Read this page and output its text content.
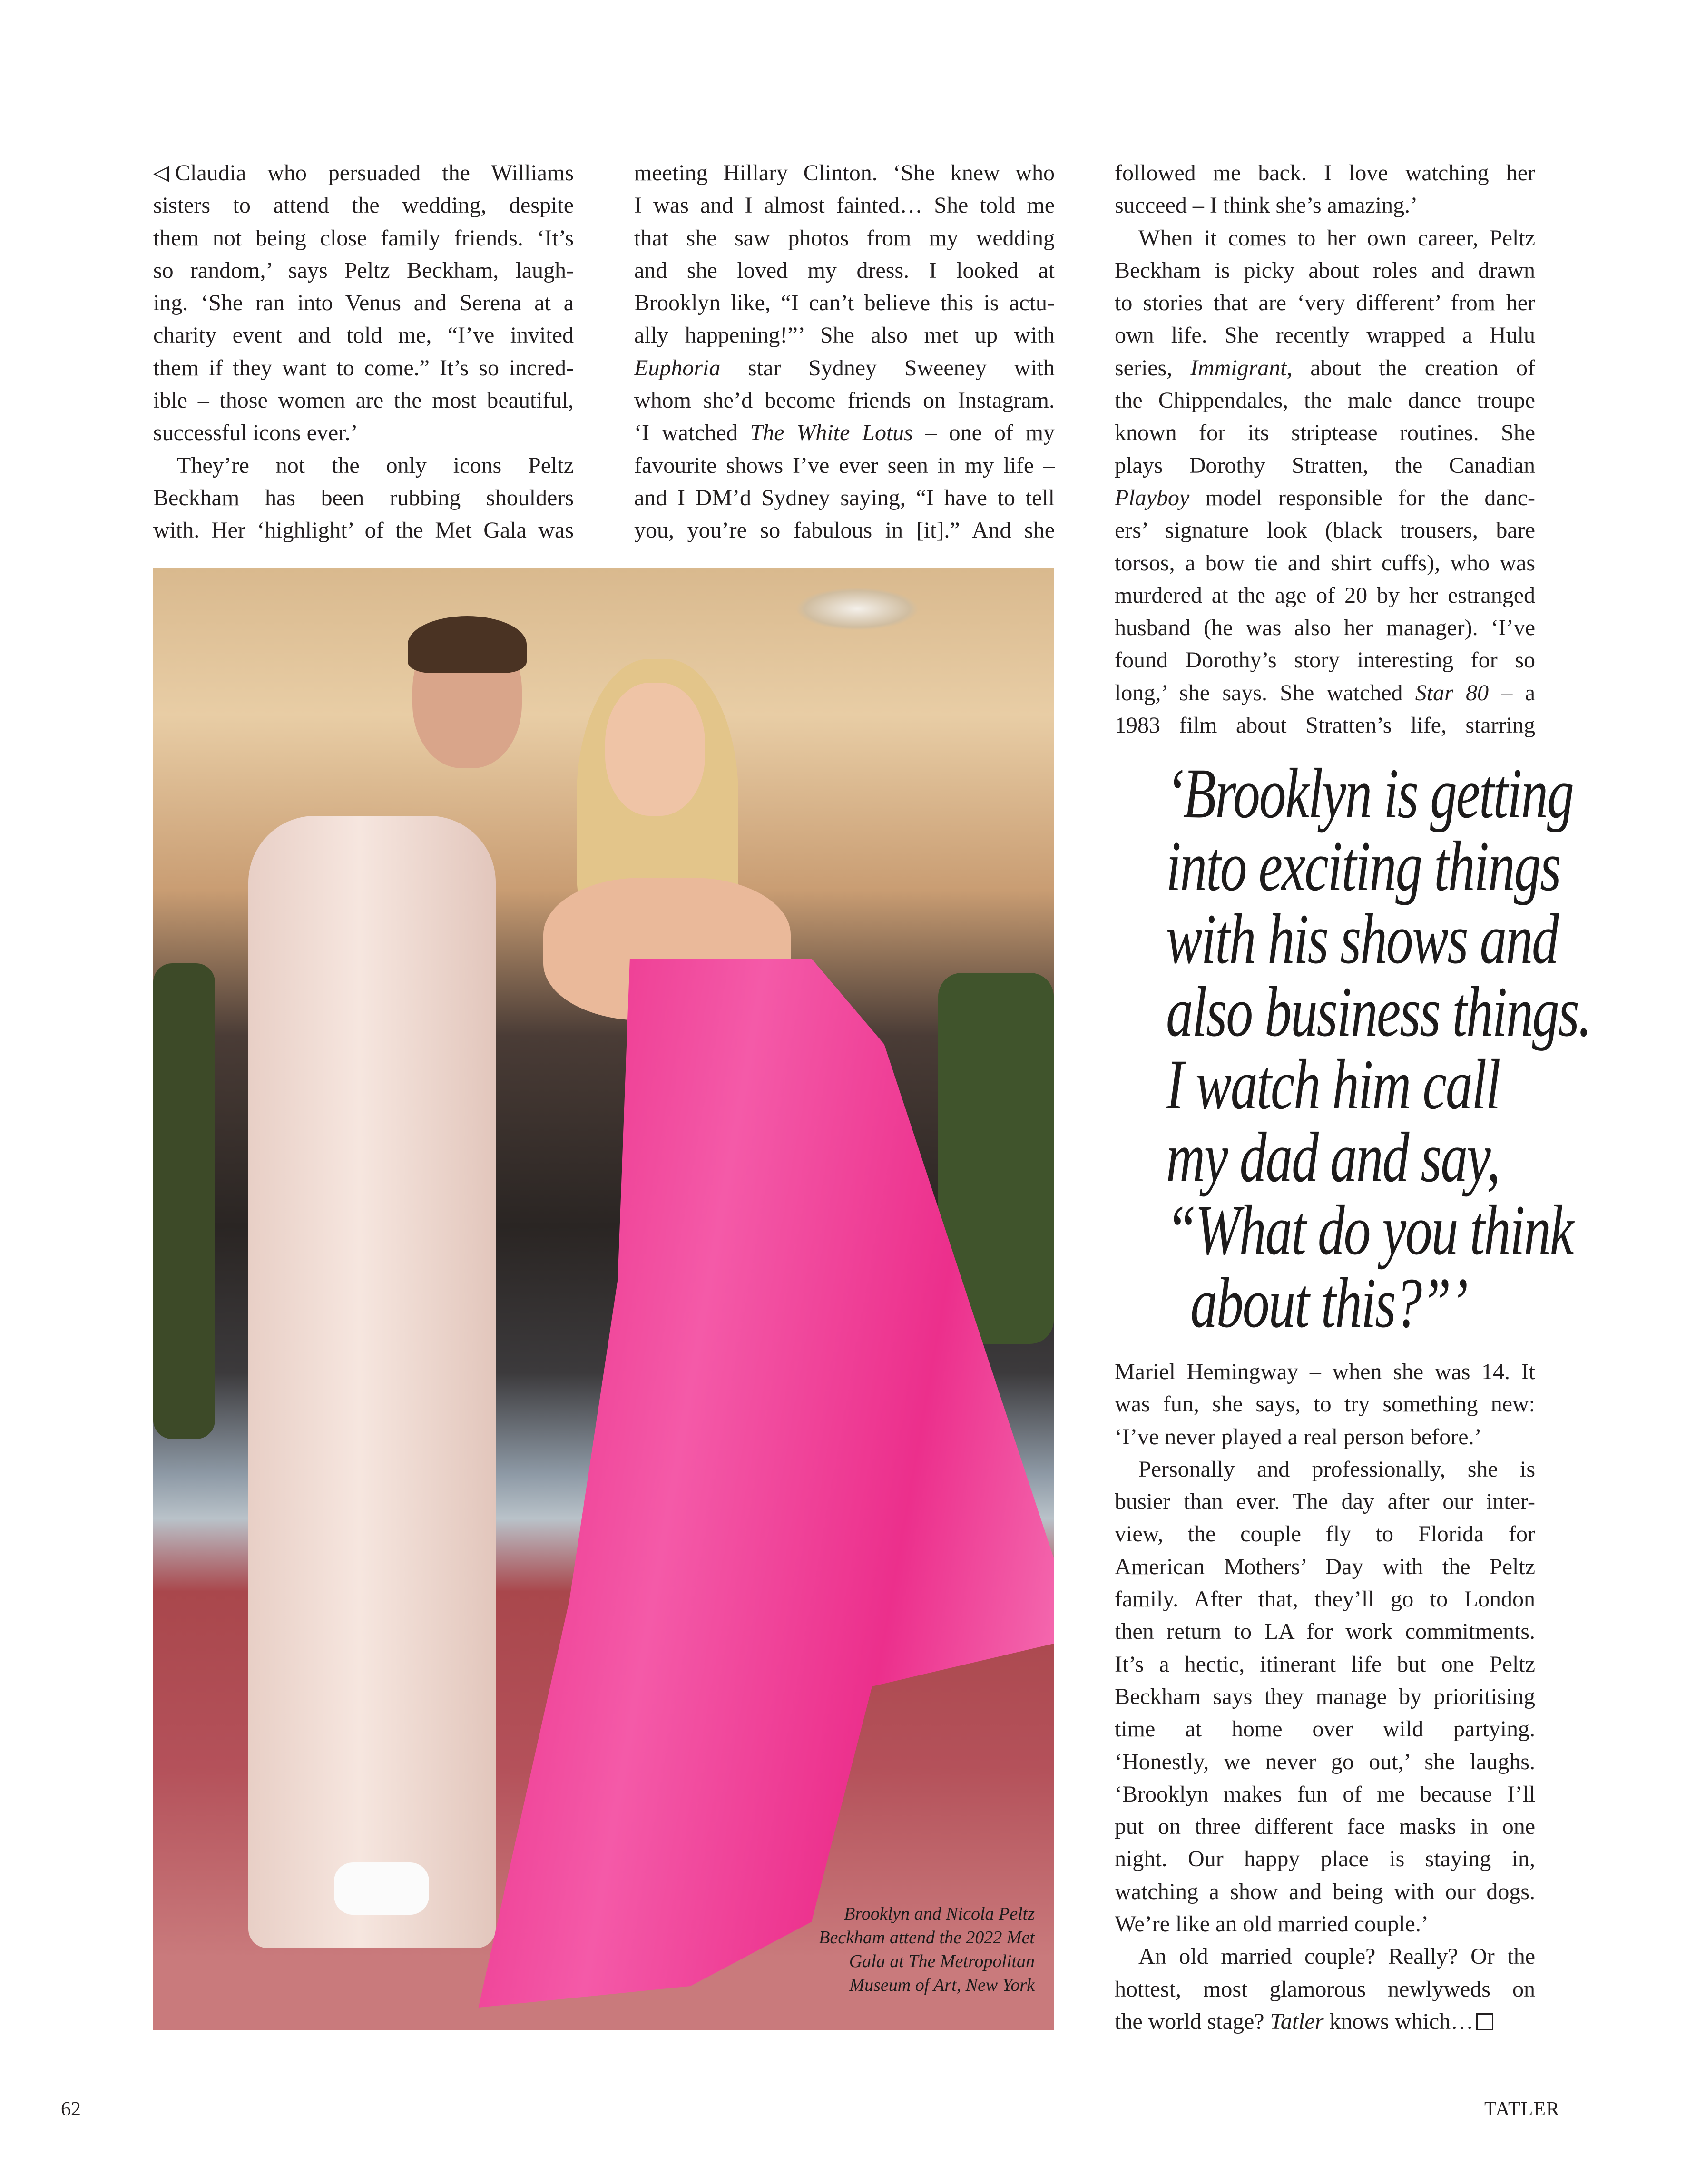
Claudia who persuaded the Williams
sisters to attend the wedding, despite
them not being close family friends. ‘It’s
so random,’ says Peltz Beckham, laugh-
ing. ‘She ran into Venus and Serena at a
charity event and told me, “I’ve invited
them if they want to come.” It’s so incred-
ible – those women are the most beautiful,
successful icons ever.’
They’re not the only icons Peltz
Beckham has been rubbing shoulders
with. Her ‘highlight’ of the Met Gala was
meeting Hillary Clinton. ‘She knew who
I was and I almost fainted… She told me
that she saw photos from my wedding
and she loved my dress. I looked at
Brooklyn like, “I can’t believe this is actu-
ally happening!”’ She also met up with
Euphoria star Sydney Sweeney with
whom she’d become friends on Instagram.
‘I watched The White Lotus – one of my
favourite shows I’ve ever seen in my life –
and I DM’d Sydney saying, “I have to tell
you, you’re so fabulous in [it].” And she
followed me back. I love watching her
succeed – I think she’s amazing.’
When it comes to her own career, Peltz
Beckham is picky about roles and drawn
to stories that are ‘very different’ from her
own life. She recently wrapped a Hulu
series, Immigrant, about the creation of
the Chippendales, the male dance troupe
known for its striptease routines. She
plays Dorothy Stratten, the Canadian
Playboy model responsible for the danc-
ers’ signature look (black trousers, bare
torsos, a bow tie and shirt cuffs), who was
murdered at the age of 20 by her estranged
husband (he was also her manager). ‘I’ve
found Dorothy’s story interesting for so
long,’ she says. She watched Star 80 – a
1983 film about Stratten’s life, starring
‘Brooklyn is getting
into exciting things
with his shows and
also business things.
I watch him call
my dad and say,
“What do you think
about this?”’
Mariel Hemingway – when she was 14. It
was fun, she says, to try something new:
‘I’ve never played a real person before.’
Personally and professionally, she is
busier than ever. The day after our inter-
view, the couple fly to Florida for
American Mothers’ Day with the Peltz
family. After that, they’ll go to London
then return to LA for work commitments.
It’s a hectic, itinerant life but one Peltz
Beckham says they manage by prioritising
time at home over wild partying.
‘Honestly, we never go out,’ she laughs.
‘Brooklyn makes fun of me because I’ll
put on three different face masks in one
night. Our happy place is staying in,
watching a show and being with our dogs.
We’re like an old married couple.’
An old married couple? Really? Or the
hottest, most glamorous newlyweds on
the world stage? Tatler knows which…
Brooklyn and Nicola Peltz
Beckham attend the 2022 Met
Gala at The Metropolitan
Museum of Art, New York
62	TATLER
